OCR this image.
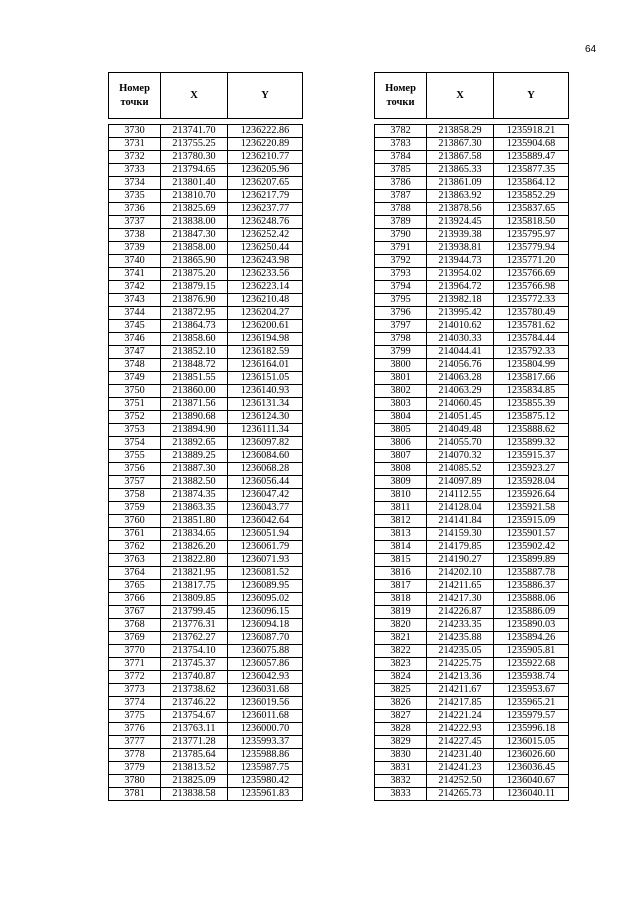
64
Номер точки	X	Y

3730	213741.70	1236222.86
3731	213755.25	1236220.89
3732	213780.30	1236210.77
3733	213794.65	1236205.96
3734	213801.40	1236207.65
3735	213810.70	1236217.79
3736	213825.69	1236237.77
3737	213838.00	1236248.76
3738	213847.30	1236252.42
3739	213858.00	1236250.44
3740	213865.90	1236243.98
3741	213875.20	1236233.56
3742	213879.15	1236223.14
3743	213876.90	1236210.48
3744	213872.95	1236204.27
3745	213864.73	1236200.61
3746	213858.60	1236194.98
3747	213852.10	1236182.59
3748	213848.72	1236164.01
3749	213851.55	1236151.05
3750	213860.00	1236140.93
3751	213871.56	1236131.34
3752	213890.68	1236124.30
3753	213894.90	1236111.34
3754	213892.65	1236097.82
3755	213889.25	1236084.60
3756	213887.30	1236068.28
3757	213882.50	1236056.44
3758	213874.35	1236047.42
3759	213863.35	1236043.77
3760	213851.80	1236042.64
3761	213834.65	1236051.94
3762	213826.20	1236061.79
3763	213822.80	1236071.93
3764	213821.95	1236081.52
3765	213817.75	1236089.95
3766	213809.85	1236095.02
3767	213799.45	1236096.15
3768	213776.31	1236094.18
3769	213762.27	1236087.70
3770	213754.10	1236075.88
3771	213745.37	1236057.86
3772	213740.87	1236042.93
3773	213738.62	1236031.68
3774	213746.22	1236019.56
3775	213754.67	1236011.68
3776	213763.11	1236000.70
3777	213771.28	1235993.37
3778	213785.64	1235988.86
3779	213813.52	1235987.75
3780	213825.09	1235980.42
3781	213838.58	1235961.83
Номер точки	X	Y

3782	213858.29	1235918.21
3783	213867.30	1235904.68
3784	213867.58	1235889.47
3785	213865.33	1235877.35
3786	213861.09	1235864.12
3787	213863.92	1235852.29
3788	213878.56	1235837.65
3789	213924.45	1235818.50
3790	213939.38	1235795.97
3791	213938.81	1235779.94
3792	213944.73	1235771.20
3793	213954.02	1235766.69
3794	213964.72	1235766.98
3795	213982.18	1235772.33
3796	213995.42	1235780.49
3797	214010.62	1235781.62
3798	214030.33	1235784.44
3799	214044.41	1235792.33
3800	214056.76	1235804.99
3801	214063.28	1235817.66
3802	214063.29	1235834.85
3803	214060.45	1235855.39
3804	214051.45	1235875.12
3805	214049.48	1235888.62
3806	214055.70	1235899.32
3807	214070.32	1235915.37
3808	214085.52	1235923.27
3809	214097.89	1235928.04
3810	214112.55	1235926.64
3811	214128.04	1235921.58
3812	214141.84	1235915.09
3813	214159.30	1235901.57
3814	214179.85	1235902.42
3815	214190.27	1235899.89
3816	214202.10	1235887.78
3817	214211.65	1235886.37
3818	214217.30	1235888.06
3819	214226.87	1235886.09
3820	214233.35	1235890.03
3821	214235.88	1235894.26
3822	214235.05	1235905.81
3823	214225.75	1235922.68
3824	214213.36	1235938.74
3825	214211.67	1235953.67
3826	214217.85	1235965.21
3827	214221.24	1235979.57
3828	214222.93	1235996.18
3829	214227.45	1236015.05
3830	214231.40	1236026.60
3831	214241.23	1236036.45
3832	214252.50	1236040.67
3833	214265.73	1236040.11
